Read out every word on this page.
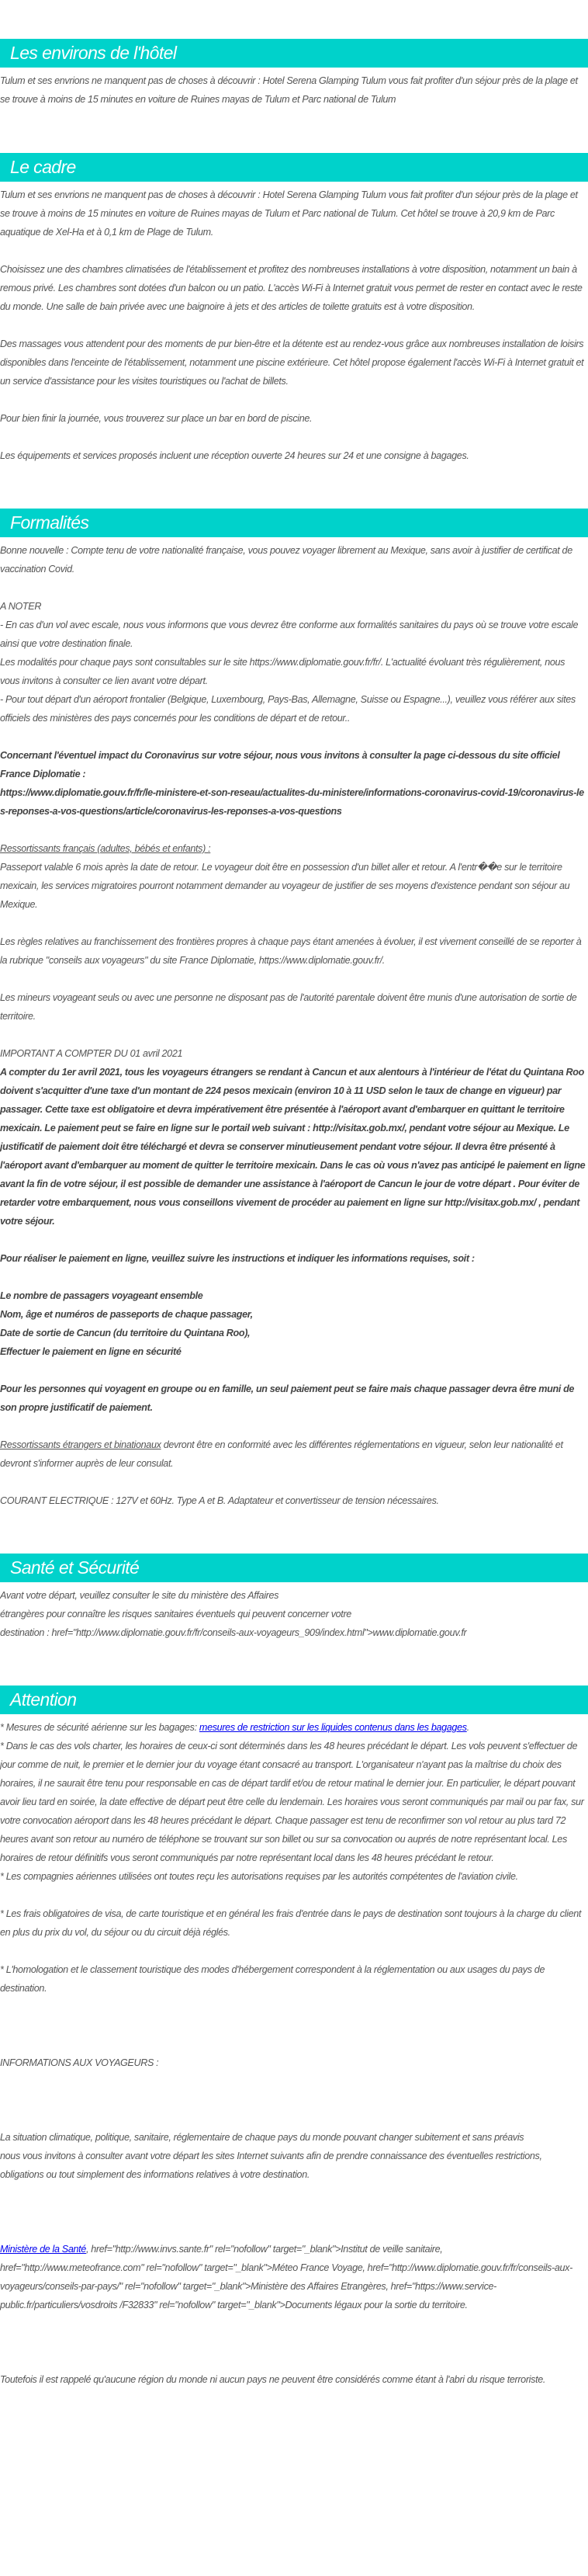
Les environs de l'hôtel

Tulum et ses envrions ne manquent pas de choses à découvrir : Hotel Serena Glamping Tulum vous fait profiter d'un séjour près de la plage et se trouve à moins de 15 minutes en voiture de Ruines mayas de Tulum et Parc national de Tulum

Le cadre

Tulum et ses envrions ne manquent pas de choses à découvrir : Hotel Serena Glamping Tulum vous fait profiter d'un séjour près de la plage et se trouve à moins de 15 minutes en voiture de Ruines mayas de Tulum et Parc national de Tulum. Cet hôtel se trouve à 20,9 km de Parc aquatique de Xel-Ha et à 0,1 km de Plage de Tulum.

Choisissez une des chambres climatisées de l'établissement et profitez des nombreuses installations à votre disposition, notamment un bain à remous privé. Les chambres sont dotées d'un balcon ou un patio. L'accès Wi-Fi à Internet gratuit vous permet de rester en contact avec le reste du monde. Une salle de bain privée avec une baignoire à jets et des articles de toilette gratuits est à votre disposition.

Des massages vous attendent pour des moments de pur bien-être et la détente est au rendez-vous grâce aux nombreuses installation de loisirs disponibles dans l'enceinte de l'établissement, notamment une piscine extérieure. Cet hôtel propose également l'accès Wi-Fi à Internet gratuit et un service d'assistance pour les visites touristiques ou l'achat de billets.

Pour bien finir la journée, vous trouverez sur place un bar en bord de piscine.

Les équipements et services proposés incluent une réception ouverte 24 heures sur 24 et une consigne à bagages.

Formalités

Bonne nouvelle : Compte tenu de votre nationalité française, vous pouvez voyager librement au Mexique, sans avoir à justifier de certificat de vaccination Covid.

A NOTER

- En cas d'un vol avec escale, nous vous informons que vous devrez être conforme aux formalités sanitaires du pays où se trouve votre escale ainsi que votre destination finale.

Les modalités pour chaque pays sont consultables sur le site https://www.diplomatie.gouv.fr/fr/. L'actualité évoluant très régulièrement, nous vous invitons à consulter ce lien avant votre départ.

- Pour tout départ d'un aéroport frontalier (Belgique, Luxembourg, Pays-Bas, Allemagne, Suisse ou Espagne...), veuillez vous référer aux sites officiels des ministères des pays concernés pour les conditions de départ et de retour..

Concernant l'éventuel impact du Coronavirus sur votre séjour, nous vous invitons à consulter la page ci-dessous du site officiel France Diplomatie :

https://www.diplomatie.gouv.fr/fr/le-ministere-et-son-reseau/actualites-du-ministere/informations-coronavirus-covid-19/coronavirus-les-reponses-a-vos-questions/article/coronavirus-les-reponses-a-vos-questions

Ressortissants français (adultes, bébés et enfants) :

Passeport valable 6 mois après la date de retour. Le voyageur doit être en possession d'un billet aller et retour. A l'entr��e sur le territoire mexicain, les services migratoires pourront notamment demander au voyageur de justifier de ses moyens d'existence pendant son séjour au Mexique.

Les règles relatives au franchissement des frontières propres à chaque pays étant amenées à évoluer, il est vivement conseillé de se reporter à la rubrique "conseils aux voyageurs" du site France Diplomatie, https://www.diplomatie.gouv.fr/.

Les mineurs voyageant seuls ou avec une personne ne disposant pas de l'autorité parentale doivent être munis d'une autorisation de sortie de territoire.

IMPORTANT A COMPTER DU 01 avril 2021

A compter du 1er avril 2021, tous les voyageurs étrangers se rendant à Cancun et aux alentours à l'intérieur de l'état du Quintana Roo doivent s'acquitter d'une taxe d'un montant de 224 pesos mexicain (environ 10 à 11 USD selon le taux de change en vigueur) par passager. Cette taxe est obligatoire et devra impérativement être présentée à l'aéroport avant d'embarquer en quittant le territoire mexicain. Le paiement peut se faire en ligne sur le portail web suivant : http://visitax.gob.mx/, pendant votre séjour au Mexique. Le justificatif de paiement doit être téléchargé et devra se conserver minutieusement pendant votre séjour. Il devra être présenté à l'aéroport avant d'embarquer au moment de quitter le territoire mexicain. Dans le cas où vous n'avez pas anticipé le paiement en ligne avant la fin de votre séjour, il est possible de demander une assistance à l'aéroport de Cancun le jour de votre départ . Pour éviter de retarder votre embarquement, nous vous conseillons vivement de procéder au paiement en ligne sur http://visitax.gob.mx/ , pendant votre séjour.

Pour réaliser le paiement en ligne, veuillez suivre les instructions et indiquer les informations requises, soit :

Le nombre de passagers voyageant ensemble

Nom, âge et numéros de passeports de chaque passager,

Date de sortie de Cancun (du territoire du Quintana Roo),

Effectuer le paiement en ligne en sécurité

Pour les personnes qui voyagent en groupe ou en famille, un seul paiement peut se faire mais chaque passager devra être muni de son propre justificatif de paiement.

Ressortissants étrangers et binationaux devront être en conformité avec les différentes réglementations en vigueur, selon leur nationalité et devront s'informer auprès de leur consulat.

COURANT ELECTRIQUE : 127V et 60Hz. Type A et B. Adaptateur et convertisseur de tension nécessaires.

Santé et Sécurité

Avant votre départ, veuillez consulter le site du ministère des Affaires

étrangères pour connaître les risques sanitaires éventuels qui peuvent concerner votre

destination : href="http://www.diplomatie.gouv.fr/fr/conseils-aux-voyageurs_909/index.html">www.diplomatie.gouv.fr

Attention

* Mesures de sécurité aérienne sur les bagages: mesures de restriction sur les liquides contenus dans les bagages.

* Dans le cas des vols charter, les horaires de ceux-ci sont déterminés dans les 48 heures précédant le départ. Les vols peuvent s'effectuer de jour comme de nuit, le premier et le dernier jour du voyage étant consacré au transport. L'organisateur n'ayant pas la maîtrise du choix des horaires, il ne saurait être tenu pour responsable en cas de départ tardif et/ou de retour matinal le dernier jour. En particulier, le départ pouvant avoir lieu tard en soirée, la date effective de départ peut être celle du lendemain. Les horaires vous seront communiqués par mail ou par fax, sur votre convocation aéroport dans les 48 heures précédant le départ. Chaque passager est tenu de reconfirmer son vol retour au plus tard 72 heures avant son retour au numéro de téléphone se trouvant sur son billet ou sur sa convocation ou auprés de notre représentant local. Les horaires de retour définitifs vous seront communiqués par notre représentant local dans les 48 heures précédant le retour.

* Les compagnies aériennes utilisées ont toutes reçu les autorisations requises par les autorités compétentes de l'aviation civile.

* Les frais obligatoires de visa, de carte touristique et en général les frais d'entrée dans le pays de destination sont toujours à la charge du client en plus du prix du vol, du séjour ou du circuit déjà réglés.

* L'homologation et le classement touristique des modes d'hébergement correspondent à la réglementation ou aux usages du pays de destination.

INFORMATIONS AUX VOYAGEURS :

La situation climatique, politique, sanitaire, réglementaire de chaque pays du monde pouvant changer subitement et sans préavis

nous vous invitons à consulter avant votre départ les sites Internet suivants afin de prendre connaissance des éventuelles restrictions, obligations ou tout simplement des informations relatives à votre destination.

Ministère de la Santé, href="http://www.invs.sante.fr" rel="nofollow" target="_blank">Institut de veille sanitaire, href="http://www.meteofrance.com" rel="nofollow" target="_blank">Méteo France Voyage, href="http://www.diplomatie.gouv.fr/fr/conseils-aux-voyageurs/conseils-par-pays/" rel="nofollow" target="_blank">Ministère des Affaires Etrangères, href="https://www.service-public.fr/particuliers/vosdroits /F32833" rel="nofollow" target="_blank">Documents légaux pour la sortie du territoire.

Toutefois il est rappelé qu'aucune région du monde ni aucun pays ne peuvent être considérés comme étant à l'abri du risque terroriste.
